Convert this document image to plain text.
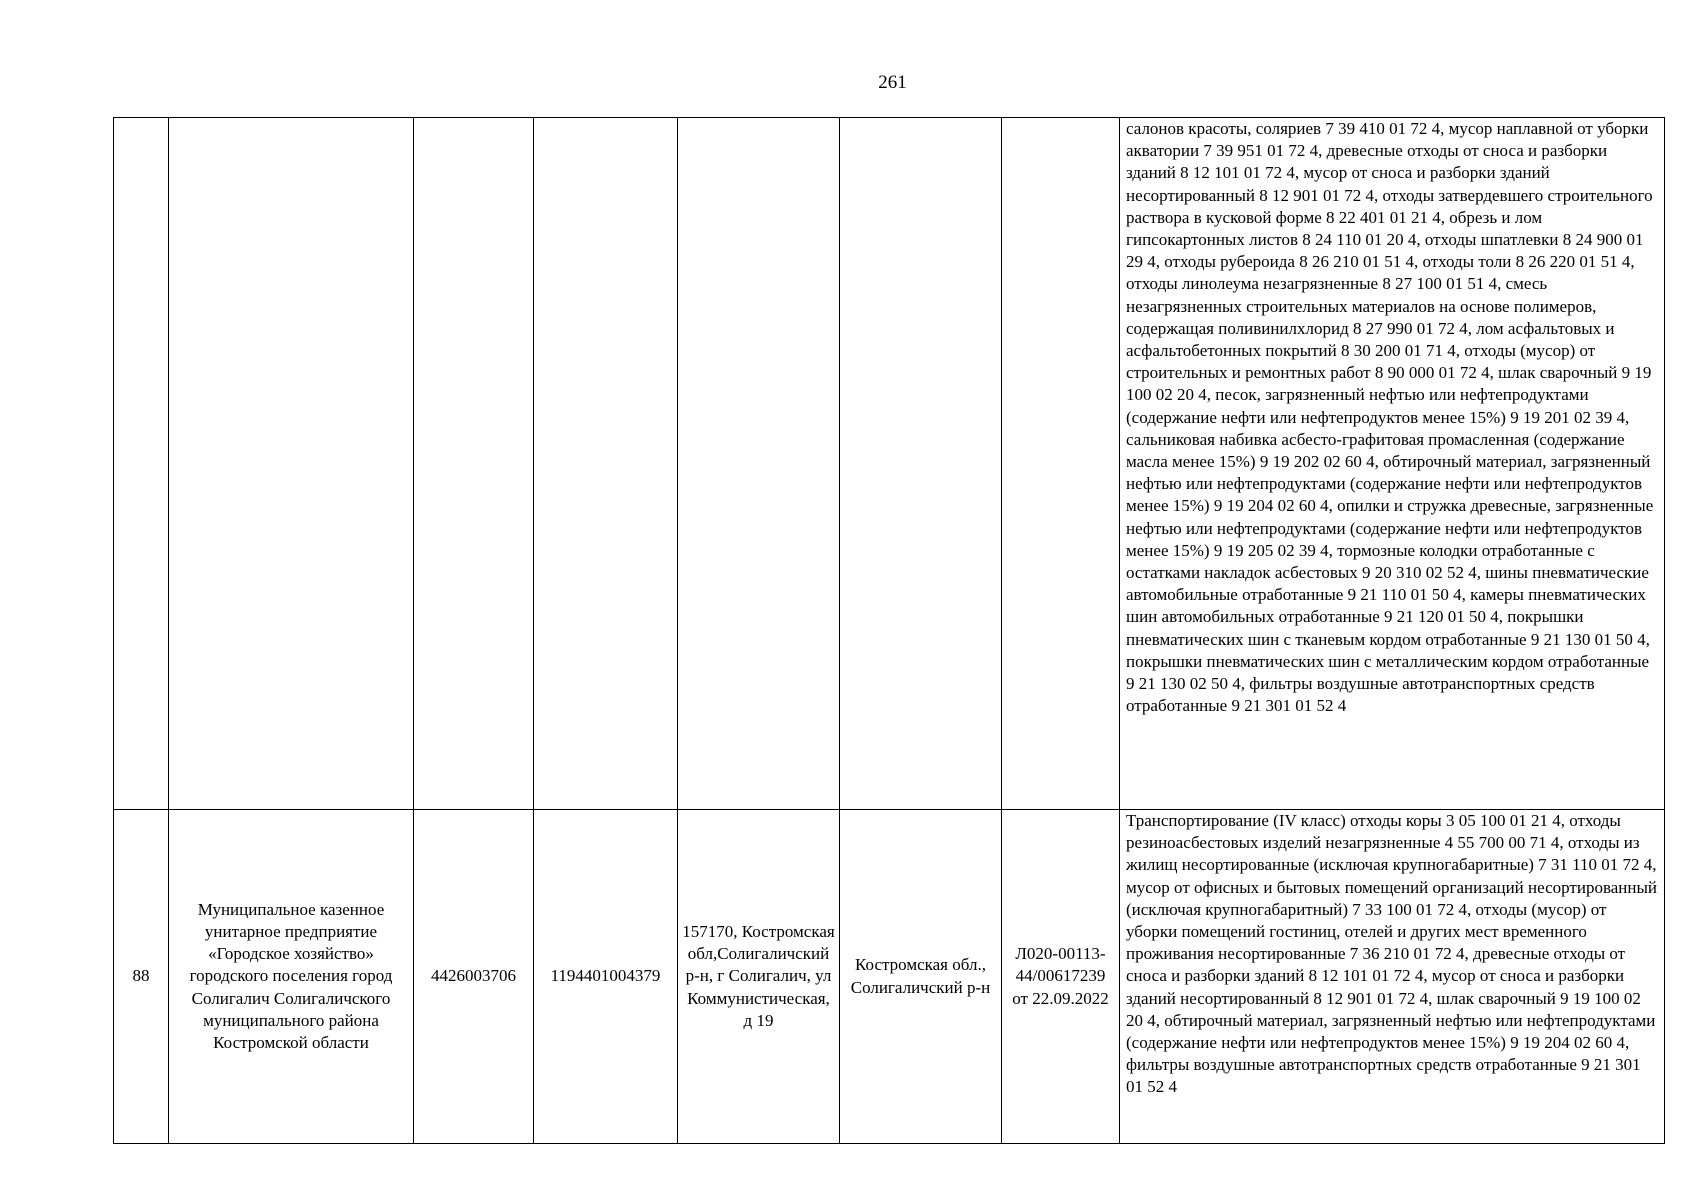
261

							салонов красоты, соляриев 7 39 410 01 72 4, мусор наплавной от уборки акватории 7 39 951 01 72 4, древесные отходы от сноса и разборки зданий 8 12 101 01 72 4, мусор от сноса и разборки зданий несортированный 8 12 901 01 72 4, отходы затвердевшего строительного раствора в кусковой форме 8 22 401 01 21 4, обрезь и лом гипсокартонных листов 8 24 110 01 20 4, отходы шпатлевки 8 24 900 01 29 4, отходы рубероида 8 26 210 01 51 4, отходы толи 8 26 220 01 51 4, отходы линолеума незагрязненные 8 27 100 01 51 4, смесь незагрязненных строительных материалов на основе полимеров, содержащая поливинилхлорид 8 27 990 01 72 4, лом асфальтовых и асфальтобетонных покрытий 8 30 200 01 71 4, отходы (мусор) от строительных и ремонтных работ 8 90 000 01 72 4, шлак сварочный 9 19 100 02 20 4, песок, загрязненный нефтью или нефтепродуктами (содержание нефти или нефтепродуктов менее 15%) 9 19 201 02 39 4, сальниковая набивка асбесто-графитовая промасленная (содержание масла менее 15%) 9 19 202 02 60 4, обтирочный материал, загрязненный нефтью или нефтепродуктами (содержание нефти или нефтепродуктов менее 15%) 9 19 204 02 60 4, опилки и стружка древесные, загрязненные нефтью или нефтепродуктами (содержание нефти или нефтепродуктов менее 15%) 9 19 205 02 39 4, тормозные колодки отработанные с остатками накладок асбестовых 9 20 310 02 52 4, шины пневматические автомобильные отработанные 9 21 110 01 50 4, камеры пневматических шин автомобильных отработанные 9 21 120 01 50 4, покрышки пневматических шин с тканевым кордом отработанные 9 21 130 01 50 4, покрышки пневматических шин с металлическим кордом отработанные 9 21 130 02 50 4, фильтры воздушные автотранспортных средств отработанные 9 21 301 01 52 4

88	Муниципальное казенное унитарное предприятие «Городское хозяйство» городского поселения город Солигалич Солигаличского муниципального района Костромской области	4426003706	1194401004379	157170, Костромская обл,Солигаличский р-н, г Солигалич, ул Коммунистическая, д 19	Костромская обл., Солигаличский р-н	Л020-00113-44/00617239 от 22.09.2022	Транспортирование (IV класс) отходы коры 3 05 100 01 21 4, отходы резиноасбестовых изделий незагрязненные 4 55 700 00 71 4, отходы из жилищ несортированные (исключая крупногабаритные) 7 31 110 01 72 4, мусор от офисных и бытовых помещений организаций несортированный (исключая крупногабаритный) 7 33 100 01 72 4, отходы (мусор) от уборки помещений гостиниц, отелей и других мест временного проживания несортированные 7 36 210 01 72 4, древесные отходы от сноса и разборки зданий 8 12 101 01 72 4, мусор от сноса и разборки зданий несортированный 8 12 901 01 72 4, шлак сварочный 9 19 100 02 20 4, обтирочный материал, загрязненный нефтью или нефтепродуктами (содержание нефти или нефтепродуктов менее 15%) 9 19 204 02 60 4, фильтры воздушные автотранспортных средств отработанные 9 21 301 01 52 4
